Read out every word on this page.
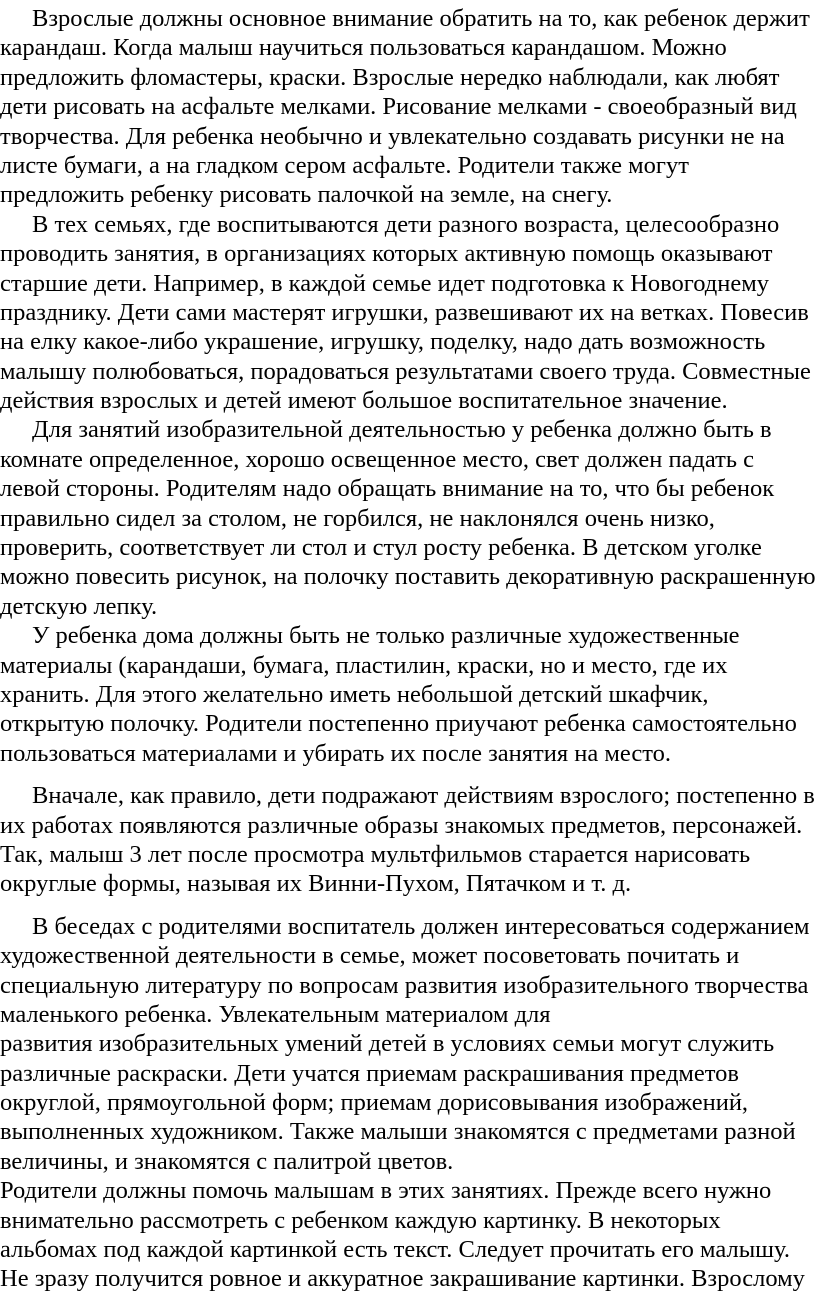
Взрослые должны основное внимание обратить на то, как ребенок держит
карандаш. Когда малыш научиться пользоваться карандашом. Можно
предложить фломастеры, краски. Взрослые нередко наблюдали, как любят
дети рисовать на асфальте мелками. Рисование мелками - своеобразный вид
творчества. Для ребенка необычно и увлекательно создавать рисунки не на
листе бумаги, а на гладком сером асфальте. Родители также могут
предложить ребенку рисовать палочкой на земле, на снегу.
В тех семьях, где воспитываются дети разного возраста, целесообразно
проводить занятия, в организациях которых активную помощь оказывают
старшие дети. Например, в каждой семье идет подготовка к Новогоднему
празднику. Дети сами мастерят игрушки, развешивают их на ветках. Повесив
на елку какое-либо украшение, игрушку, поделку, надо дать возможность
малышу полюбоваться, порадоваться результатами своего труда. Совместные
действия взрослых и детей имеют большое воспитательное значение.
Для занятий изобразительной деятельностью у ребенка должно быть в
комнате определенное, хорошо освещенное место, свет должен падать с
левой стороны. Родителям надо обращать внимание на то, что бы ребенок
правильно сидел за столом, не горбился, не наклонялся очень низко,
проверить, соответствует ли стол и стул росту ребенка. В детском уголке
можно повесить рисунок, на полочку поставить декоративную раскрашенную
детскую лепку.
У ребенка дома должны быть не только различные художественные
материалы (карандаши, бумага, пластилин, краски, но и место, где их
хранить. Для этого желательно иметь небольшой детский шкафчик,
открытую полочку. Родители постепенно приучают ребенка самостоятельно
пользоваться материалами и убирать их после занятия на место.
Вначале, как правило, дети подражают действиям взрослого; постепенно в
их работах появляются различные образы знакомых предметов, персонажей.
Так, малыш 3 лет после просмотра мультфильмов старается нарисовать
округлые формы, называя их Винни-Пухом, Пятачком и т. д.
В беседах с родителями воспитатель должен интересоваться содержанием
художественной деятельности в семье, может посоветовать почитать и
специальную литературу по вопросам развития изобразительного творчества
маленького ребенка. Увлекательным материалом для
развития изобразительных умений детей в условиях семьи могут служить
различные раскраски. Дети учатся приемам раскрашивания предметов
округлой, прямоугольной форм; приемам дорисовывания изображений,
выполненных художником. Также малыши знакомятся с предметами разной
величины, и знакомятся с палитрой цветов.
Родители должны помочь малышам в этих занятиях. Прежде всего нужно
внимательно рассмотреть с ребенком каждую картинку. В некоторых
альбомах под каждой картинкой есть текст. Следует прочитать его малышу.
Не зразу получится ровное и аккуратное закрашивание картинки. Взрослому
